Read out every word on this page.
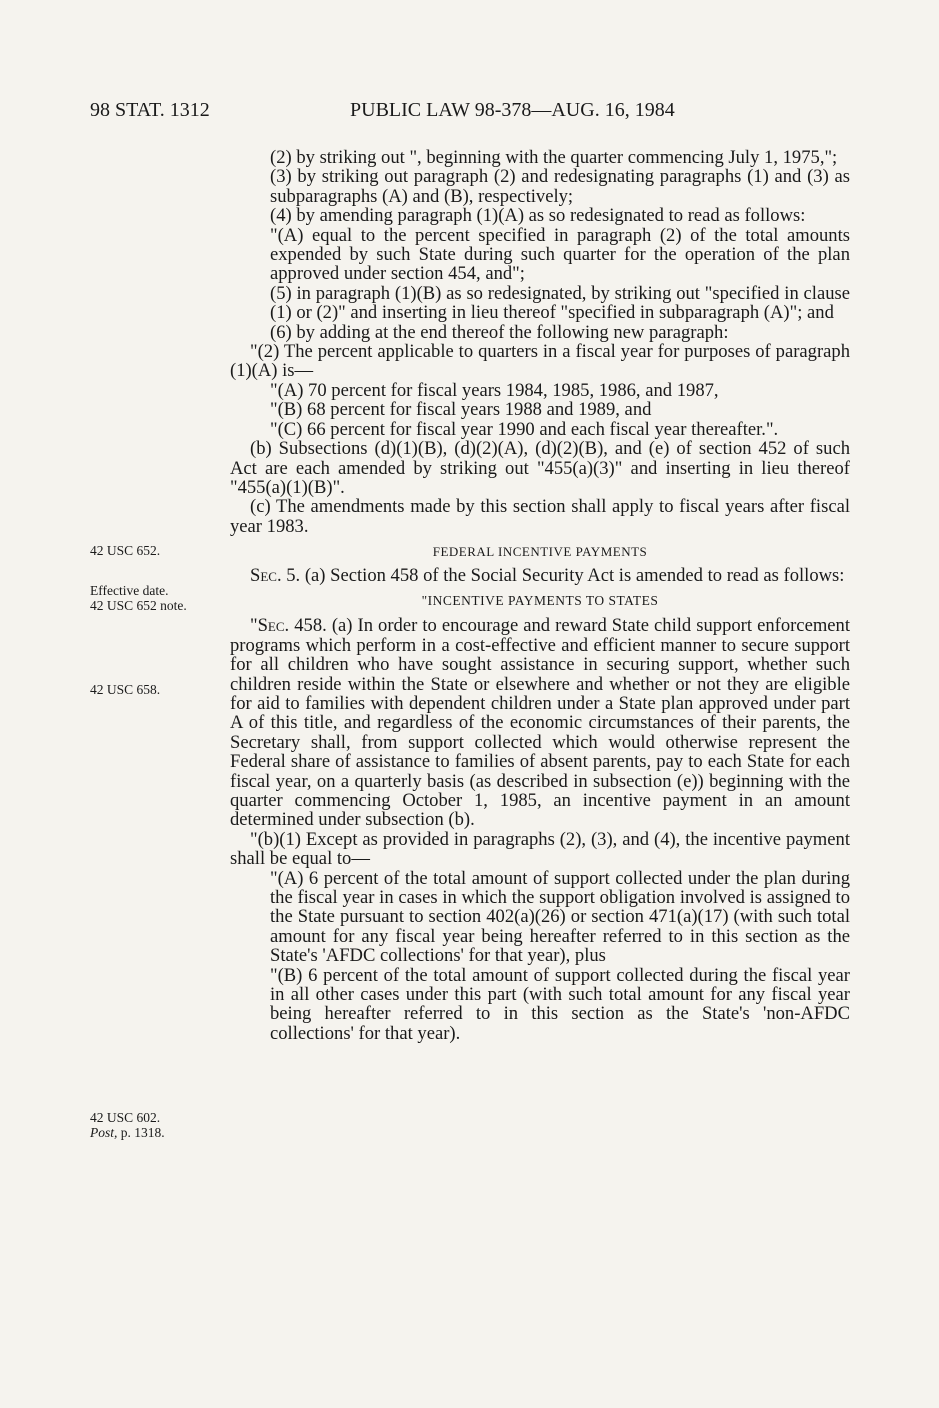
98 STAT. 1312	PUBLIC LAW 98-378—AUG. 16, 1984

42 USC 652.

Effective date.

42 USC 652 note.

42 USC 658.

42 USC 602.

Post, p. 1318.

(2) by striking out ", beginning with the quarter commencing July 1, 1975,";

(3) by striking out paragraph (2) and redesignating paragraphs (1) and (3) as subparagraphs (A) and (B), respectively;

(4) by amending paragraph (1)(A) as so redesignated to read as follows:

"(A) equal to the percent specified in paragraph (2) of the total amounts expended by such State during such quarter for the operation of the plan approved under section 454, and";

(5) in paragraph (1)(B) as so redesignated, by striking out "specified in clause (1) or (2)" and inserting in lieu thereof "specified in subparagraph (A)"; and

(6) by adding at the end thereof the following new paragraph:

"(2) The percent applicable to quarters in a fiscal year for purposes of paragraph (1)(A) is—

"(A) 70 percent for fiscal years 1984, 1985, 1986, and 1987,

"(B) 68 percent for fiscal years 1988 and 1989, and

"(C) 66 percent for fiscal year 1990 and each fiscal year thereafter.".

(b) Subsections (d)(1)(B), (d)(2)(A), (d)(2)(B), and (e) of section 452 of such Act are each amended by striking out "455(a)(3)" and inserting in lieu thereof "455(a)(1)(B)".

(c) The amendments made by this section shall apply to fiscal years after fiscal year 1983.

FEDERAL INCENTIVE PAYMENTS

Sec. 5. (a) Section 458 of the Social Security Act is amended to read as follows:

"INCENTIVE PAYMENTS TO STATES

"Sec. 458. (a) In order to encourage and reward State child support enforcement programs which perform in a cost-effective and efficient manner to secure support for all children who have sought assistance in securing support, whether such children reside within the State or elsewhere and whether or not they are eligible for aid to families with dependent children under a State plan approved under part A of this title, and regardless of the economic circumstances of their parents, the Secretary shall, from support collected which would otherwise represent the Federal share of assistance to families of absent parents, pay to each State for each fiscal year, on a quarterly basis (as described in subsection (e)) beginning with the quarter commencing October 1, 1985, an incentive payment in an amount determined under subsection (b).

"(b)(1) Except as provided in paragraphs (2), (3), and (4), the incentive payment shall be equal to—

"(A) 6 percent of the total amount of support collected under the plan during the fiscal year in cases in which the support obligation involved is assigned to the State pursuant to section 402(a)(26) or section 471(a)(17) (with such total amount for any fiscal year being hereafter referred to in this section as the State's 'AFDC collections' for that year), plus

"(B) 6 percent of the total amount of support collected during the fiscal year in all other cases under this part (with such total amount for any fiscal year being hereafter referred to in this section as the State's 'non-AFDC collections' for that year).
